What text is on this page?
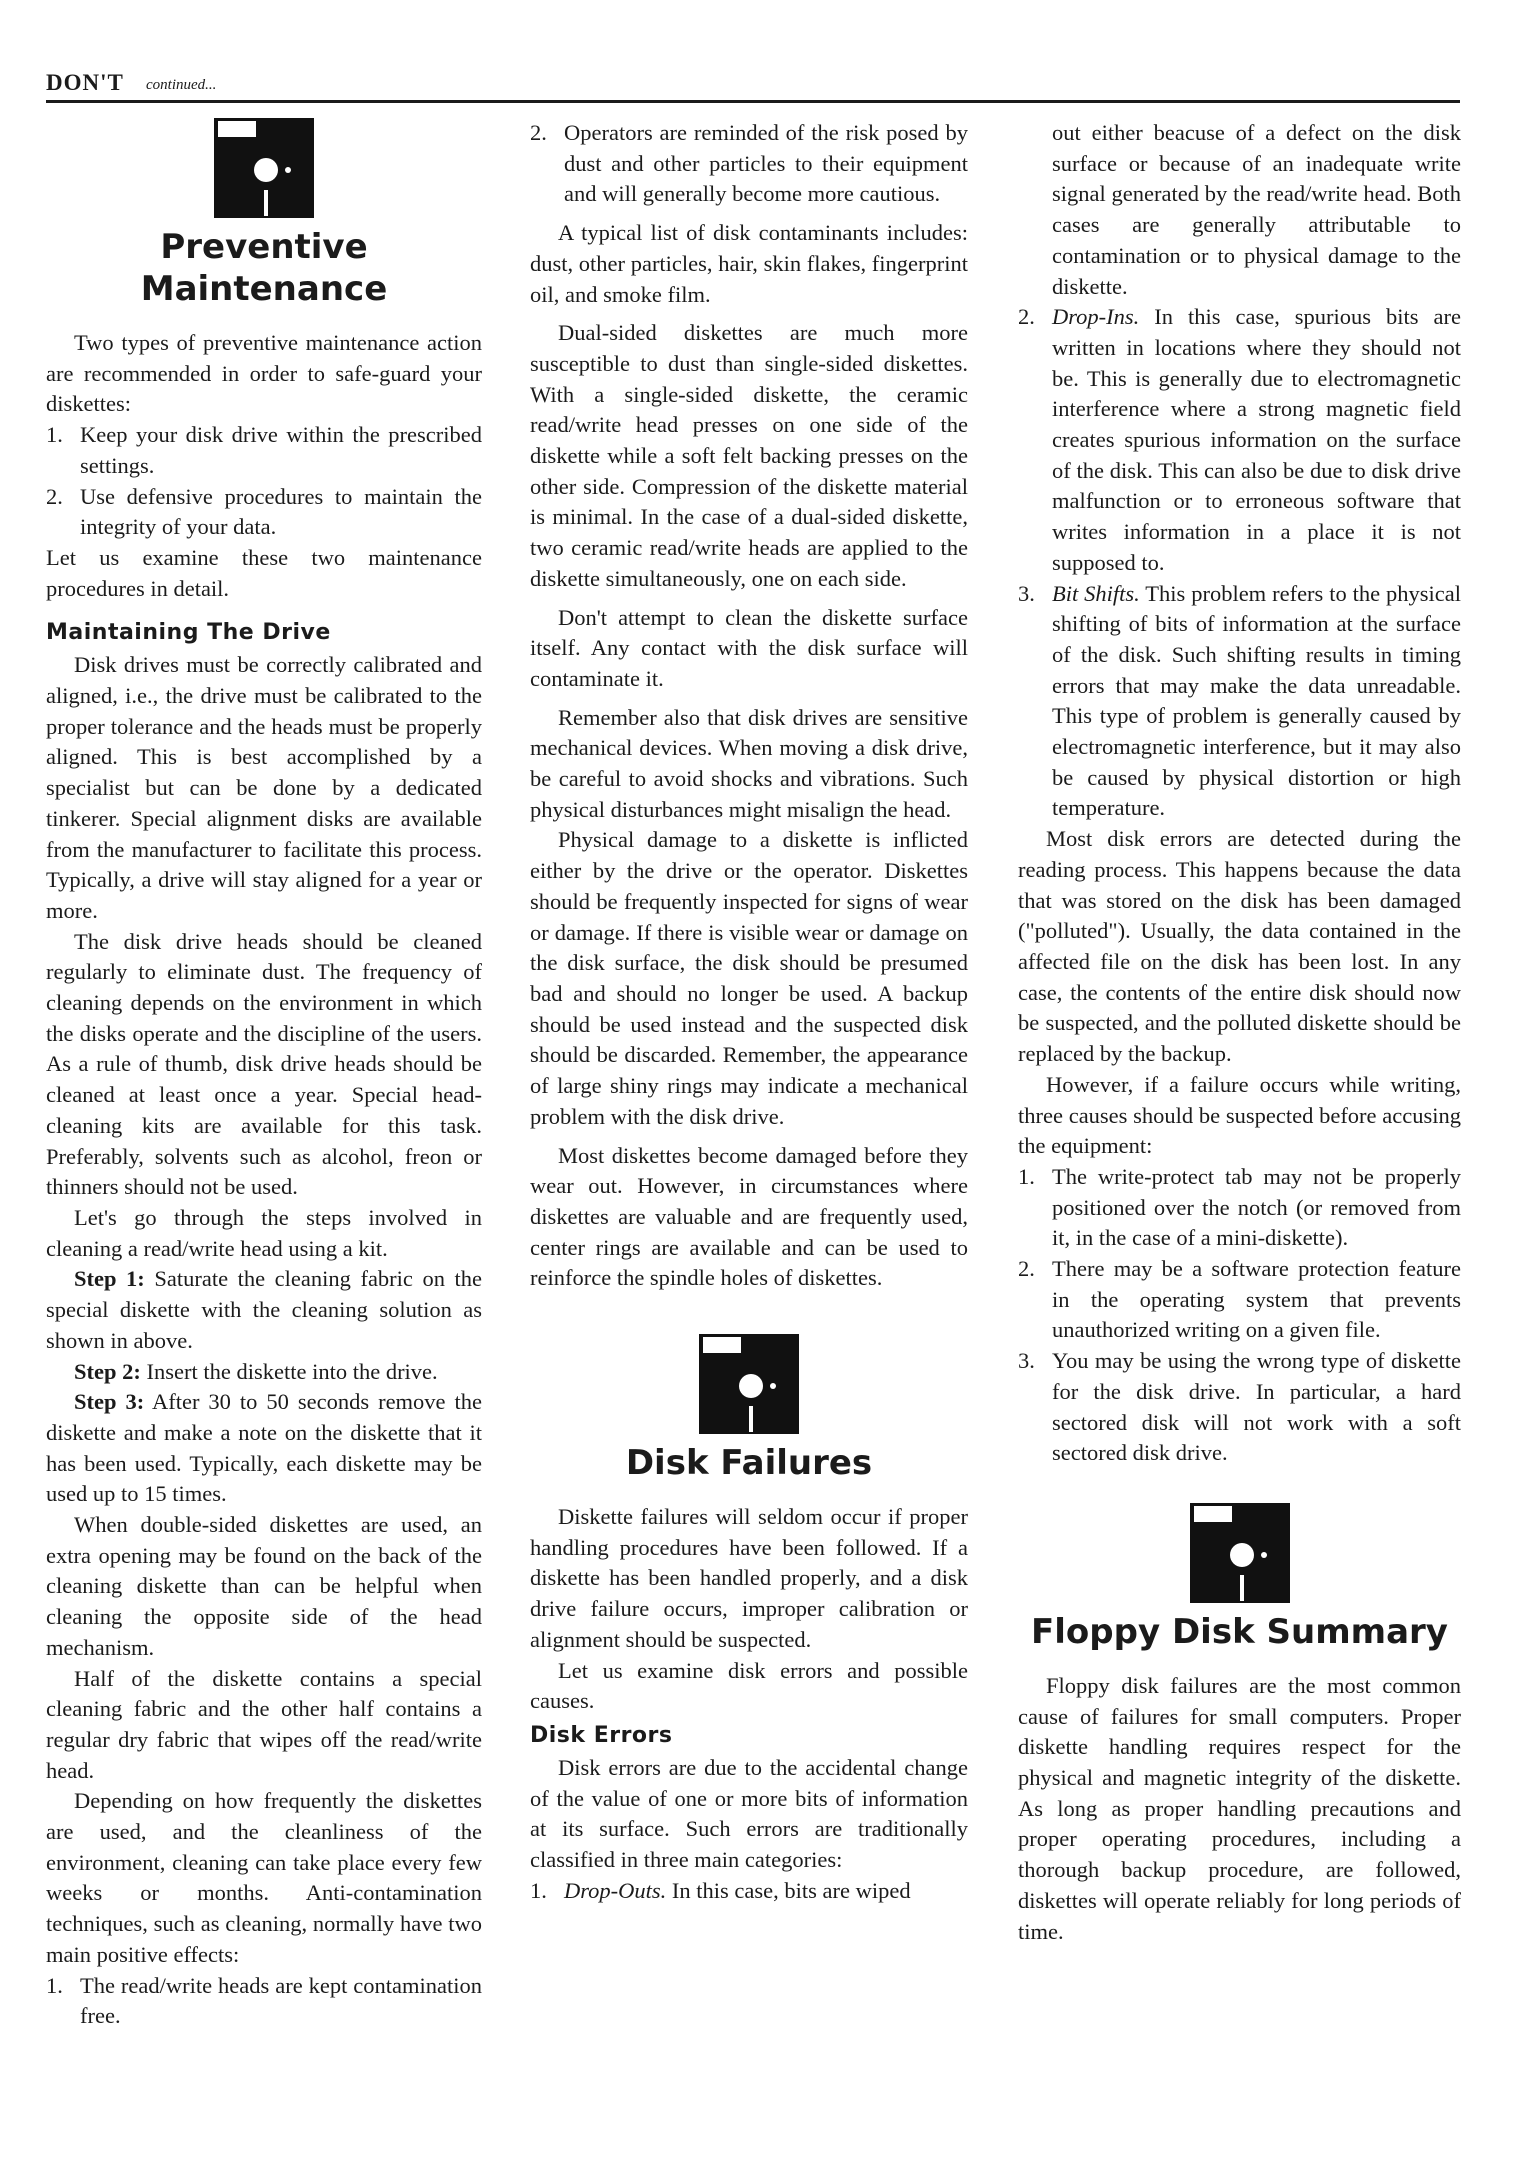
DON'T continued...

Preventive

Maintenance

Two types of preventive maintenance action are recommended in order to safe-guard your diskettes:

1. Keep your disk drive within the prescribed settings.

2. Use defensive procedures to maintain the integrity of your data.

Let us examine these two maintenance procedures in detail.

Maintaining The Drive

Disk drives must be correctly calibrated and aligned, i.e., the drive must be calibrated to the proper tolerance and the heads must be properly aligned. This is best accomplished by a specialist but can be done by a dedicated tinkerer. Special alignment disks are available from the manufacturer to facilitate this process. Typically, a drive will stay aligned for a year or more.

The disk drive heads should be cleaned regularly to eliminate dust. The frequency of cleaning depends on the environment in which the disks operate and the discipline of the users. As a rule of thumb, disk drive heads should be cleaned at least once a year. Special head-cleaning kits are available for this task. Preferably, solvents such as alcohol, freon or thinners should not be used.

Let's go through the steps involved in cleaning a read/write head using a kit.

Step 1: Saturate the cleaning fabric on the special diskette with the cleaning solution as shown in above.

Step 2: Insert the diskette into the drive.

Step 3: After 30 to 50 seconds remove the diskette and make a note on the diskette that it has been used. Typically, each diskette may be used up to 15 times.

When double-sided diskettes are used, an extra opening may be found on the back of the cleaning diskette than can be helpful when cleaning the opposite side of the head mechanism.

Half of the diskette contains a special cleaning fabric and the other half contains a regular dry fabric that wipes off the read/write head.

Depending on how frequently the diskettes are used, and the cleanliness of the environment, cleaning can take place every few weeks or months. Anti-contamination techniques, such as cleaning, normally have two main positive effects:

1. The read/write heads are kept contamination free.

2. Operators are reminded of the risk posed by dust and other particles to their equipment and will generally become more cautious.

A typical list of disk contaminants includes: dust, other particles, hair, skin flakes, fingerprint oil, and smoke film.

Dual-sided diskettes are much more susceptible to dust than single-sided diskettes. With a single-sided diskette, the ceramic read/write head presses on one side of the diskette while a soft felt backing presses on the other side. Compression of the diskette material is minimal. In the case of a dual-sided diskette, two ceramic read/write heads are applied to the diskette simultaneously, one on each side.

Don't attempt to clean the diskette surface itself. Any contact with the disk surface will contaminate it.

Remember also that disk drives are sensitive mechanical devices. When moving a disk drive, be careful to avoid shocks and vibrations. Such physical disturbances might misalign the head.

Physical damage to a diskette is inflicted either by the drive or the operator. Diskettes should be frequently inspected for signs of wear or damage. If there is visible wear or damage on the disk surface, the disk should be presumed bad and should no longer be used. A backup should be used instead and the suspected disk should be discarded. Remember, the appearance of large shiny rings may indicate a mechanical problem with the disk drive.

Most diskettes become damaged before they wear out. However, in circumstances where diskettes are valuable and are frequently used, center rings are available and can be used to reinforce the spindle holes of diskettes.

Disk Failures

Diskette failures will seldom occur if proper handling procedures have been followed. If a diskette has been handled properly, and a disk drive failure occurs, improper calibration or alignment should be suspected.

Let us examine disk errors and possible causes.

Disk Errors

Disk errors are due to the accidental change of the value of one or more bits of information at its surface. Such errors are traditionally classified in three main categories:

1. Drop-Outs. In this case, bits are wiped

out either beacuse of a defect on the disk surface or because of an inadequate write signal generated by the read/write head. Both cases are generally attributable to contamination or to physical damage to the diskette.

2. Drop-Ins. In this case, spurious bits are written in locations where they should not be. This is generally due to electromagnetic interference where a strong magnetic field creates spurious information on the surface of the disk. This can also be due to disk drive malfunction or to erroneous software that writes information in a place it is not supposed to.

3. Bit Shifts. This problem refers to the physical shifting of bits of information at the surface of the disk. Such shifting results in timing errors that may make the data unreadable. This type of problem is generally caused by electromagnetic interference, but it may also be caused by physical distortion or high temperature.

Most disk errors are detected during the reading process. This happens because the data that was stored on the disk has been damaged ("polluted"). Usually, the data contained in the affected file on the disk has been lost. In any case, the contents of the entire disk should now be suspected, and the polluted diskette should be replaced by the backup.

However, if a failure occurs while writing, three causes should be suspected before accusing the equipment:

1. The write-protect tab may not be properly positioned over the notch (or removed from it, in the case of a mini-diskette).

2. There may be a software protection feature in the operating system that prevents unauthorized writing on a given file.

3. You may be using the wrong type of diskette for the disk drive. In particular, a hard sectored disk will not work with a soft sectored disk drive.

Floppy Disk Summary

Floppy disk failures are the most common cause of failures for small computers. Proper diskette handling requires respect for the physical and magnetic integrity of the diskette. As long as proper handling precautions and proper operating procedures, including a thorough backup procedure, are followed, diskettes will operate reliably for long periods of time.
